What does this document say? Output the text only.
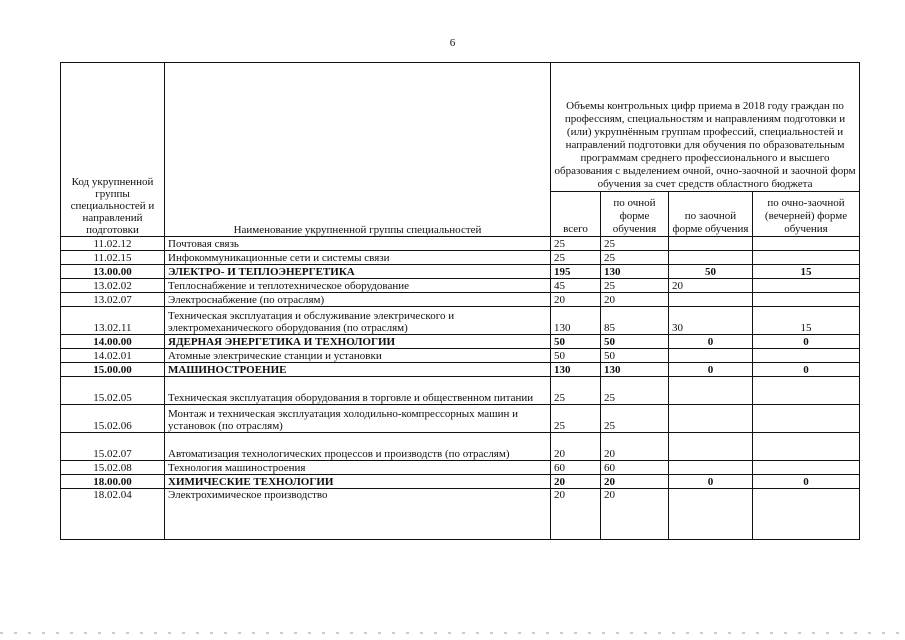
6
Код укрупненной группы специальностей и направлений подготовки	Наименование укрупненной группы специальностей	Объемы контрольных цифр приема в 2018 году граждан по профессиям, специальностям и направлениям подготовки и (или) укрупнённым группам профессий, специальностей и направлений подготовки для обучения по образовательным программам среднего профессионального и высшего образования с выделением очной, очно-заочной и заочной форм обучения за счет средств областного бюджета			
		всего	по очной форме обучения	по заочной форме обучения	по очно-заочной (вечерней) форме обучения
11.02.12	Почтовая связь	25	25		
11.02.15	Инфокоммуникационные сети и системы связи	25	25		
13.00.00	ЭЛЕКТРО- И ТЕПЛОЭНЕРГЕТИКА	195	130	50	15
13.02.02	Теплоснабжение и теплотехническое оборудование	45	25	20	
13.02.07	Электроснабжение (по отраслям)	20	20		
13.02.11	Техническая эксплуатация и обслуживание электрического и электромеханического оборудования (по отраслям)	130	85	30	15
14.00.00	ЯДЕРНАЯ ЭНЕРГЕТИКА И ТЕХНОЛОГИИ	50	50	0	0
14.02.01	Атомные электрические станции и установки	50	50		
15.00.00	МАШИНОСТРОЕНИЕ	130	130	0	0
15.02.05	Техническая эксплуатация оборудования в торговле и общественном питании	25	25		
15.02.06	Монтаж и техническая эксплуатация холодильно-компрессорных машин и установок (по отраслям)	25	25		
15.02.07	Автоматизация технологических процессов и производств (по отраслям)	20	20		
15.02.08	Технология машиностроения	60	60		
18.00.00	ХИМИЧЕСКИЕ ТЕХНОЛОГИИ	20	20	0	0
18.02.04	Электрохимическое производство	20	20		
